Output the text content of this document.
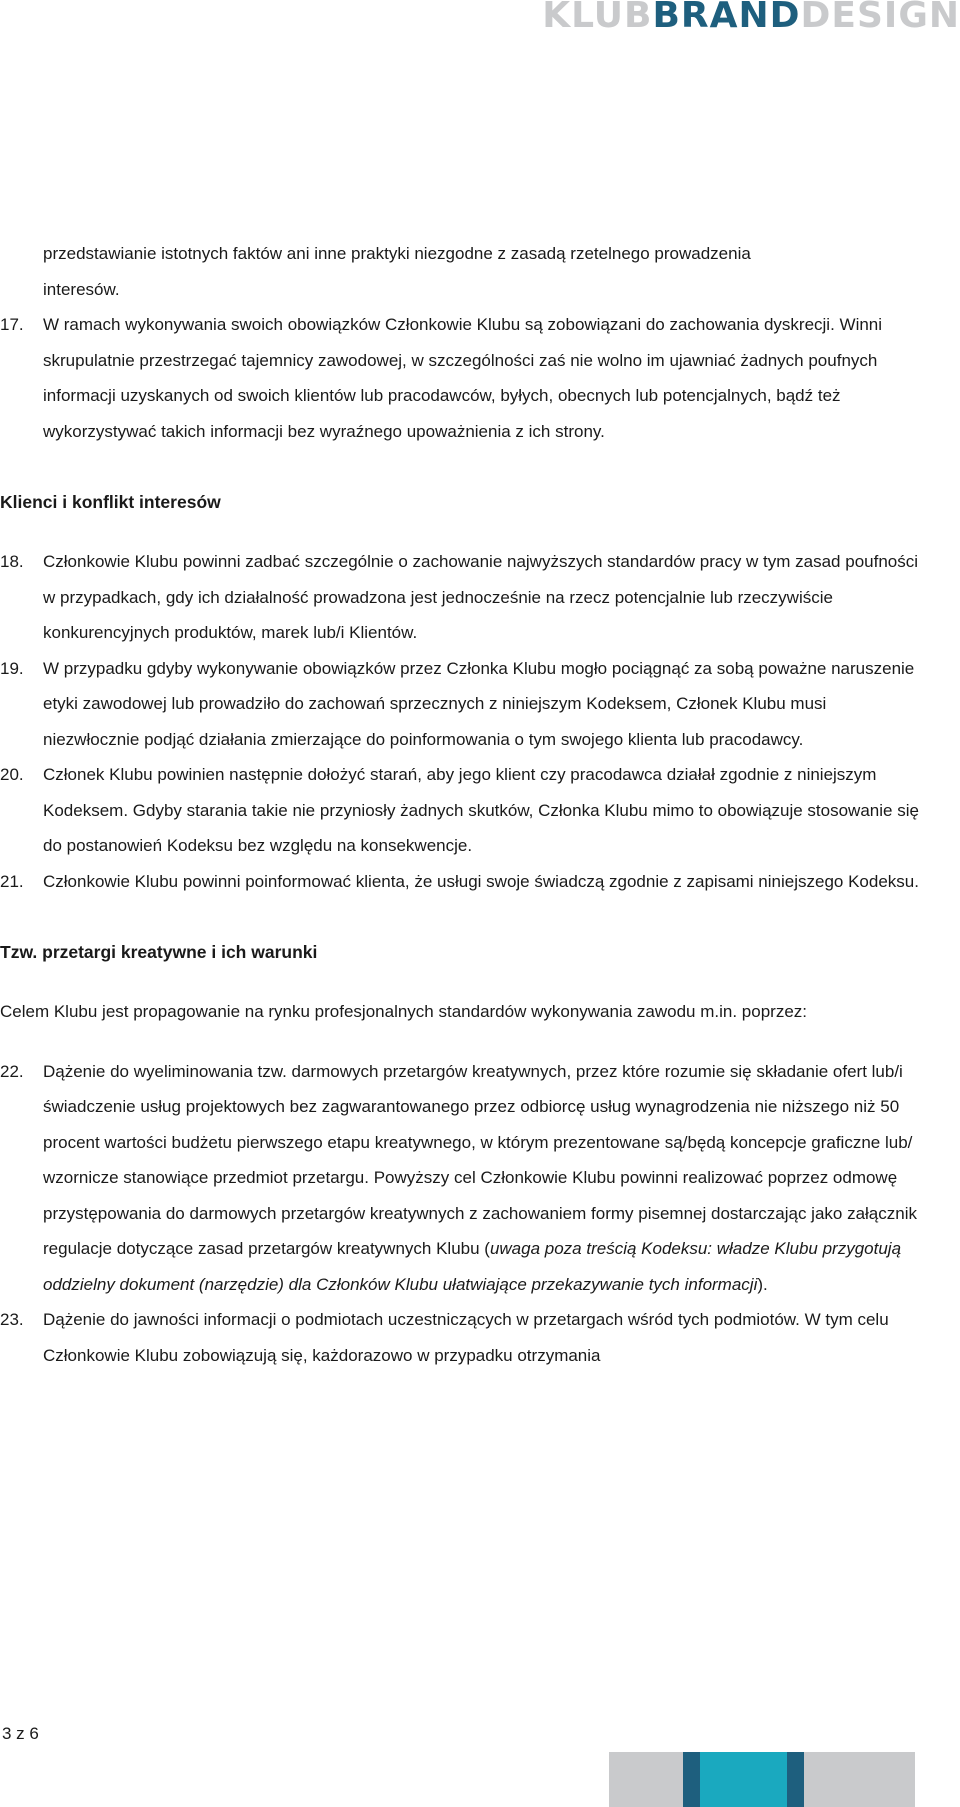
KLUBBRANDDESIGN

przedstawianie istotnych faktów ani inne praktyki niezgodne z zasadą rzetelnego prowadzenia

interesów.

17. W ramach wykonywania swoich obowiązków Członkowie Klubu są zobowiązani do zachowania dyskrecji. Winni skrupulatnie przestrzegać tajemnicy zawodowej, w szczególności zaś nie wolno im ujawniać żadnych poufnych informacji uzyskanych od swoich klientów lub pracodawców, byłych, obecnych lub potencjalnych, bądź też wykorzystywać takich informacji bez wyraźnego upoważnienia z ich strony.

Klienci i konflikt interesów

18. Członkowie Klubu powinni zadbać szczególnie o zachowanie najwyższych standardów pracy w tym zasad poufności w przypadkach, gdy ich działalność prowadzona jest jednocześnie na rzecz potencjalnie lub rzeczywiście konkurencyjnych produktów, marek lub/i Klientów.
19. W przypadku gdyby wykonywanie obowiązków przez Członka Klubu mogło pociągnąć za sobą poważne naruszenie etyki zawodowej lub prowadziło do zachowań sprzecznych z niniejszym Kodeksem, Członek Klubu musi niezwłocznie podjąć działania zmierzające do poinformowania o tym swojego klienta lub pracodawcy.
20. Członek Klubu powinien następnie dołożyć starań, aby jego klient czy pracodawca działał zgodnie z niniejszym Kodeksem. Gdyby starania takie nie przyniosły żadnych skutków, Członka Klubu mimo to obowiązuje stosowanie się do postanowień Kodeksu bez względu na konsekwencje.
21. Członkowie Klubu powinni poinformować klienta, że usługi swoje świadczą zgodnie z zapisami niniejszego Kodeksu.

Tzw. przetargi kreatywne i ich warunki

Celem Klubu jest propagowanie na rynku profesjonalnych standardów wykonywania zawodu m.in. poprzez:

22. Dążenie do wyeliminowania tzw. darmowych przetargów kreatywnych, przez które rozumie się składanie ofert lub/i świadczenie usług projektowych bez zagwarantowanego przez odbiorcę usług wynagrodzenia nie niższego niż 50 procent wartości budżetu pierwszego etapu kreatywnego, w którym prezentowane są/będą koncepcje graficzne lub/ wzornicze stanowiące przedmiot przetargu. Powyższy cel Członkowie Klubu powinni realizować poprzez odmowę przystępowania do darmowych przetargów kreatywnych z zachowaniem formy pisemnej dostarczając jako załącznik regulacje dotyczące zasad przetargów kreatywnych Klubu (uwaga poza treścią Kodeksu: władze Klubu przygotują oddzielny dokument (narzędzie) dla Członków Klubu ułatwiające przekazywanie tych informacji).
23. Dążenie do jawności informacji o podmiotach uczestniczących w przetargach wśród tych podmiotów. W tym celu Członkowie Klubu zobowiązują się, każdorazowo w przypadku otrzymania
3 z 6
